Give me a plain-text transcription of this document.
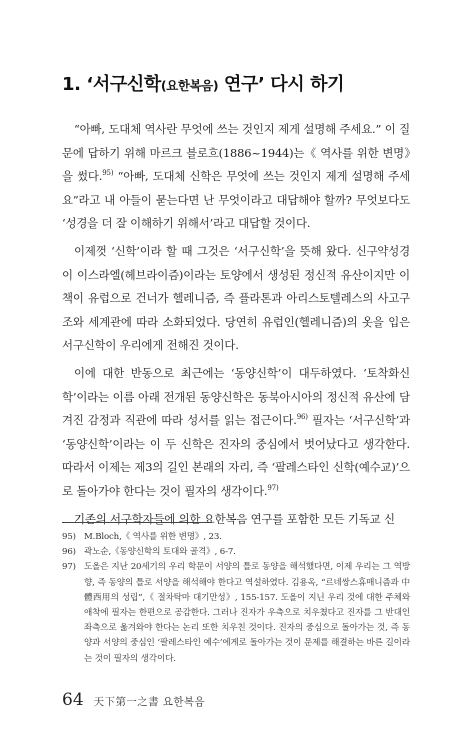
1. ‘서구신학(요한복음) 연구’ 다시 하기

“아빠, 도대체 역사란 무엇에 쓰는 것인지 제게 설명해 주세요.” 이 질문에 답하기 위해 마르크 블로흐(1886~1944)는《 역사를 위한 변명》을 썼다.$^{95)}$ “아빠, 도대체 신학은 무엇에 쓰는 것인지 제게 설명해 주세요”라고 내 아들이 묻는다면 난 무엇이라고 대답해야 할까? 무엇보다도 ‘성경을 더 잘 이해하기 위해서’라고 대답할 것이다.

이제껏 ‘신학’이라 할 때 그것은 ‘서구신학’을 뜻해 왔다. 신구약성경이 이스라엘(헤브라이즘)이라는 토양에서 생성된 정신적 유산이지만 이 책이 유럽으로 건너가 헬레니즘, 즉 플라톤과 아리스토텔레스의 사고구조와 세계관에 따라 소화되었다. 당연히 유럽인(헬레니즘)의 옷을 입은 서구신학이 우리에게 전해진 것이다.

이에 대한 반동으로 최근에는 ‘동양신학’이 대두하였다. ‘토착화신학’이라는 이름 아래 전개된 동양신학은 동북아시아의 정신적 유산에 담겨진 감정과 직관에 따라 성서를 읽는 접근이다.$^{96)}$ 필자는 ‘서구신학’과 ‘동양신학’이라는 이 두 신학은 진자의 중심에서 벗어났다고 생각한다. 따라서 이제는 제3의 길인 본래의 자리, 즉 ‘팔레스타인 신학(예수교)’으로 돌아가야 한다는 것이 필자의 생각이다.$^{97)}$

기존의 서구학자들에 의한 요한복음 연구를 포함한 모든 기독교 신

95) M.Bloch,《 역사를 위한 변명》, 23.
96) 곽노순,《동양신학의 토대와 골격》, 6-7.
97) 도올은 지난 20세기의 우리 학문이 서양의 틀로 동양을 해석했다면, 이제 우리는 그 역방향, 즉 동양의 틀로 서양을 해석해야 한다고 역설하였다. 김용옥, “르네쌍스휴매니즘과 中體西用의 성립”,《 절차탁마 대기만성》, 155-157. 도올이 지닌 우리 것에 대한 주체와 애착에 필자는 한편으로 공감한다. 그러나 진자가 우측으로 치우쳤다고 진자를 그 반대인 좌측으로 옮겨와야 한다는 논리 또한 치우친 것이다. 진자의 중심으로 돌아가는 것, 즉 동양과 서양의 중심인 ‘팔레스타인 예수’에게로 돌아가는 것이 문제를 해결하는 바른 길이라는 것이 필자의 생각이다.
64 天下第一之書 요한복음
